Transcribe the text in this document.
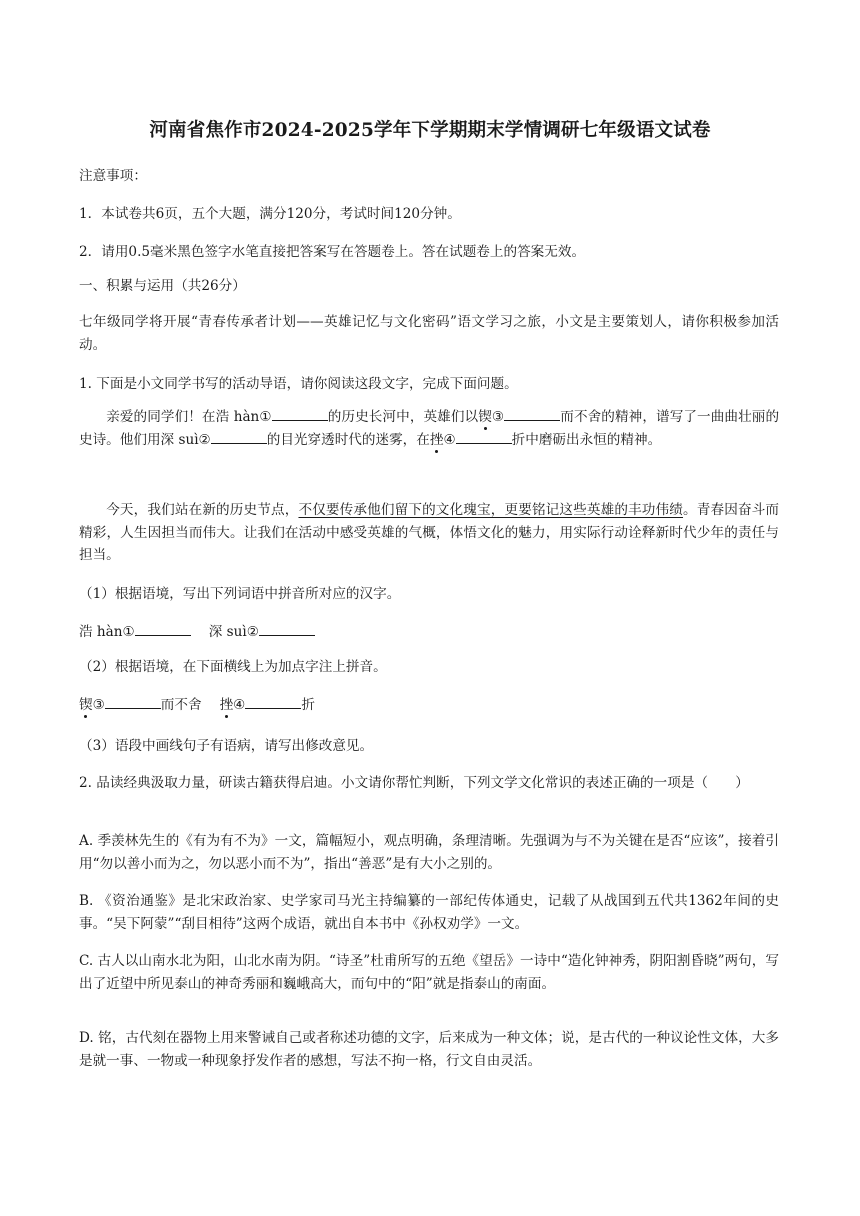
河南省焦作市2024-2025学年下学期期末学情调研七年级语文试卷
注意事项：
1．本试卷共6页，五个大题，满分120分，考试时间120分钟。
2．请用0.5毫米黑色签字水笔直接把答案写在答题卷上。答在试题卷上的答案无效。
一、积累与运用（共26分）
七年级同学将开展“青春传承者计划——英雄记忆与文化密码”语文学习之旅，小文是主要策划人，请你积极参加活动。
1. 下面是小文同学书写的活动导语，请你阅读这段文字，完成下面问题。
亲爱的同学们！在浩 hàn①	的历史长河中，英雄们以锲③	而不舍的精神，谱写了一曲曲壮丽的史诗。他们用深 suì②	的目光穿透时代的迷雾，在挫④	折中磨砺出永恒的精神。
今天，我们站在新的历史节点，不仅要传承他们留下的文化瑰宝，更要铭记这些英雄的丰功伟绩。青春因奋斗而精彩，人生因担当而伟大。让我们在活动中感受英雄的气概，体悟文化的魅力，用实际行动诠释新时代少年的责任与担当。
（1）根据语境，写出下列词语中拼音所对应的汉字。
浩 hàn①	深 suì②
（2）根据语境，在下面横线上为加点字注上拼音。
锲③	而不舍 挫④	折
（3）语段中画线句子有语病，请写出修改意见。
2. 品读经典汲取力量，研读古籍获得启迪。小文请你帮忙判断，下列文学文化常识的表述正确的一项是（　　）
A. 季羡林先生的《有为有不为》一文，篇幅短小，观点明确，条理清晰。先强调为与不为关键在是否“应该”，接着引用“勿以善小而为之，勿以恶小而不为”，指出“善恶”是有大小之别的。
B. 《资治通鉴》是北宋政治家、史学家司马光主持编纂的一部纪传体通史，记载了从战国到五代共1362年间的史事。“吴下阿蒙”“刮目相待”这两个成语，就出自本书中《孙权劝学》一文。
C. 古人以山南水北为阳，山北水南为阴。“诗圣”杜甫所写的五绝《望岳》一诗中“造化钟神秀，阴阳割昏晓”两句，写出了近望中所见泰山的神奇秀丽和巍峨高大，而句中的“阳”就是指泰山的南面。
D. 铭，古代刻在器物上用来警诫自己或者称述功德的文字，后来成为一种文体；说，是古代的一种议论性文体，大多是就一事、一物或一种现象抒发作者的感想，写法不拘一格，行文自由灵活。
